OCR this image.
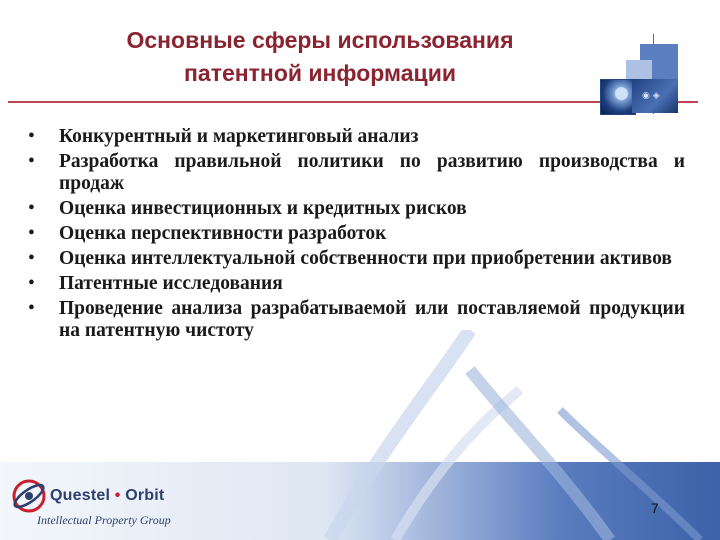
Основные сферы использования
патентной информации
◉ ◈
• Конкурентный и маркетинговый анализ
• Разработка правильной политики по развитию производства и продаж
• Оценка инвестиционных и кредитных рисков
• Оценка перспективности разработок
• Оценка интеллектуальной собственности при приобретении активов
• Патентные исследования
• Проведение анализа разрабатываемой или поставляемой продукции на патентную чистоту
Questel • Orbit
Intellectual Property Group
7
